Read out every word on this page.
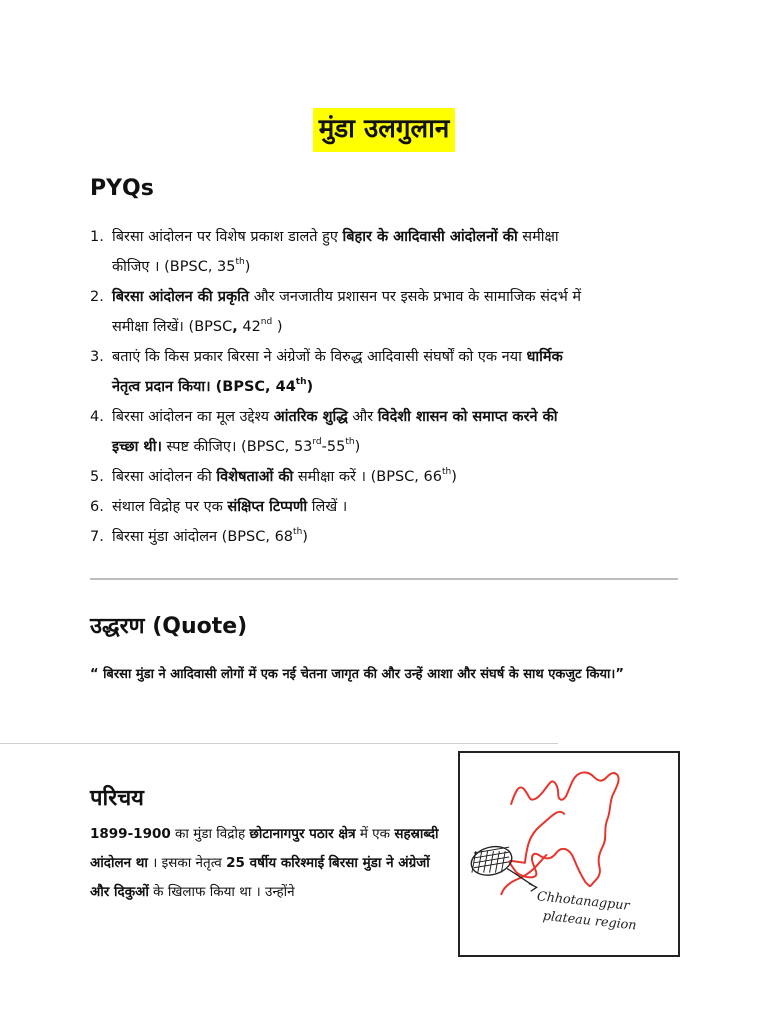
मुंडा उलगुलान
PYQs
1. बिरसा आंदोलन पर विशेष प्रकाश डालते हुए बिहार के आदिवासी आंदोलनों की समीक्षा
कीजिए । (BPSC, 35th)
2. बिरसा आंदोलन की प्रकृति और जनजातीय प्रशासन पर इसके प्रभाव के सामाजिक संदर्भ में
समीक्षा लिखें। (BPSC, 42nd )
3. बताएं कि किस प्रकार बिरसा ने अंग्रेजों के विरुद्ध आदिवासी संघर्षों को एक नया धार्मिक
नेतृत्व प्रदान किया। (BPSC, 44th)
4. बिरसा आंदोलन का मूल उद्देश्य आंतरिक शुद्धि और विदेशी शासन को समाप्त करने की
इच्छा थी। स्पष्ट कीजिए। (BPSC, 53rd-55th)
5. बिरसा आंदोलन की विशेषताओं की समीक्षा करें । (BPSC, 66th)
6. संथाल विद्रोह पर एक संक्षिप्त टिप्पणी लिखें ।
7. बिरसा मुंडा आंदोलन (BPSC, 68th)
उद्धरण (Quote)
“ बिरसा मुंडा ने आदिवासी लोगों में एक नई चेतना जागृत की और उन्हें आशा और संघर्ष के साथ एकजुट किया।”
परिचय
1899-1900 का मुंडा विद्रोह छोटानागपुर पठार क्षेत्र में एक सहस्राब्दी आंदोलन था । इसका नेतृत्व 25 वर्षीय करिश्माई बिरसा मुंडा ने अंग्रेजों और दिकुओं के खिलाफ किया था । उन्होंने	Chhotanagpur
plateau region
